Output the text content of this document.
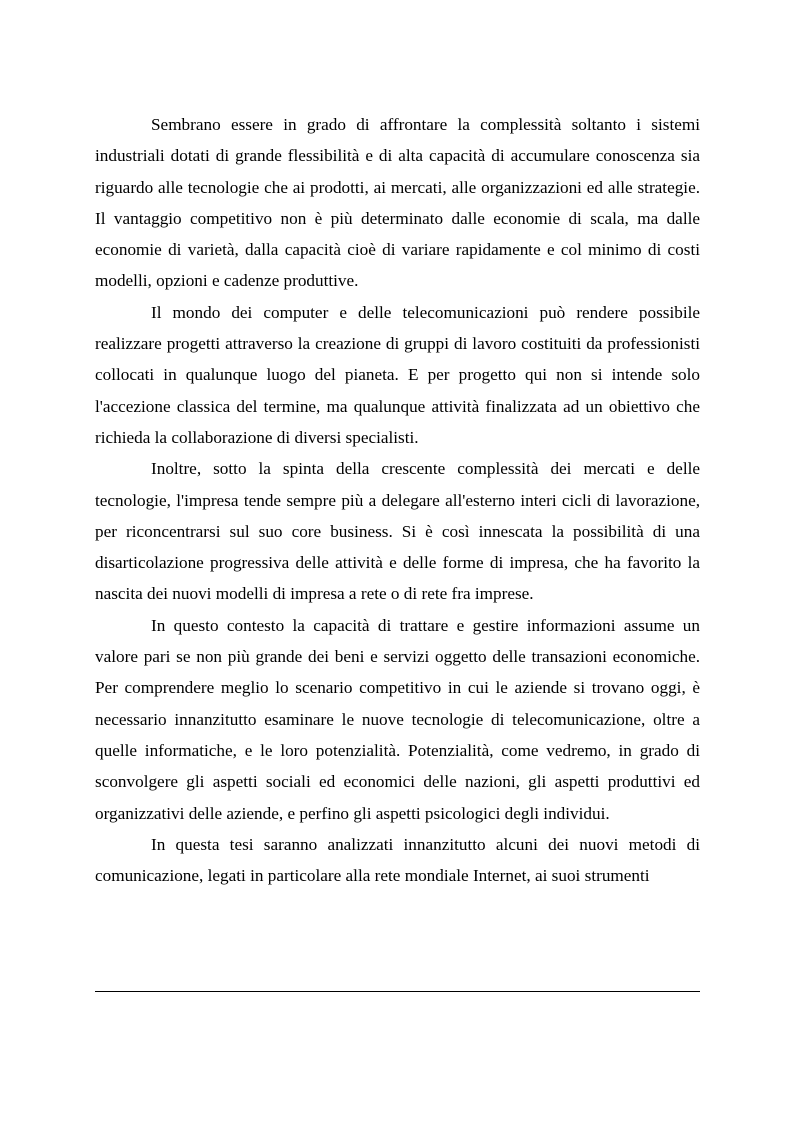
Sembrano essere in grado di affrontare la complessità soltanto i sistemi industriali dotati di grande flessibilità e di alta capacità di accumulare conoscenza sia riguardo alle tecnologie che ai prodotti, ai mercati, alle organizzazioni ed alle strategie. Il vantaggio competitivo non è più determinato dalle economie di scala, ma dalle economie di varietà, dalla capacità cioè di variare rapidamente e col minimo di costi modelli, opzioni e cadenze produttive.

Il mondo dei computer e delle telecomunicazioni può rendere possibile realizzare progetti attraverso la creazione di gruppi di lavoro costituiti da professionisti collocati in qualunque luogo del pianeta. E per progetto qui non si intende solo l'accezione classica del termine, ma qualunque attività finalizzata ad un obiettivo che richieda la collaborazione di diversi specialisti.

Inoltre, sotto la spinta della crescente complessità dei mercati e delle tecnologie, l'impresa tende sempre più a delegare all'esterno interi cicli di lavorazione, per riconcentrarsi sul suo core business. Si è così innescata la possibilità di una disarticolazione progressiva delle attività e delle forme di impresa, che ha favorito la nascita dei nuovi modelli di impresa a rete o di rete fra imprese.

In questo contesto la capacità di trattare e gestire informazioni assume un valore pari se non più grande dei beni e servizi oggetto delle transazioni economiche. Per comprendere meglio lo scenario competitivo in cui le aziende si trovano oggi, è necessario innanzitutto esaminare le nuove tecnologie di telecomunicazione, oltre a quelle informatiche, e le loro potenzialità. Potenzialità, come vedremo, in grado di sconvolgere gli aspetti sociali ed economici delle nazioni, gli aspetti produttivi ed organizzativi delle aziende, e perfino gli aspetti psicologici degli individui.

In questa tesi saranno analizzati innanzitutto alcuni dei nuovi metodi di comunicazione, legati in particolare alla rete mondiale Internet, ai suoi strumenti
